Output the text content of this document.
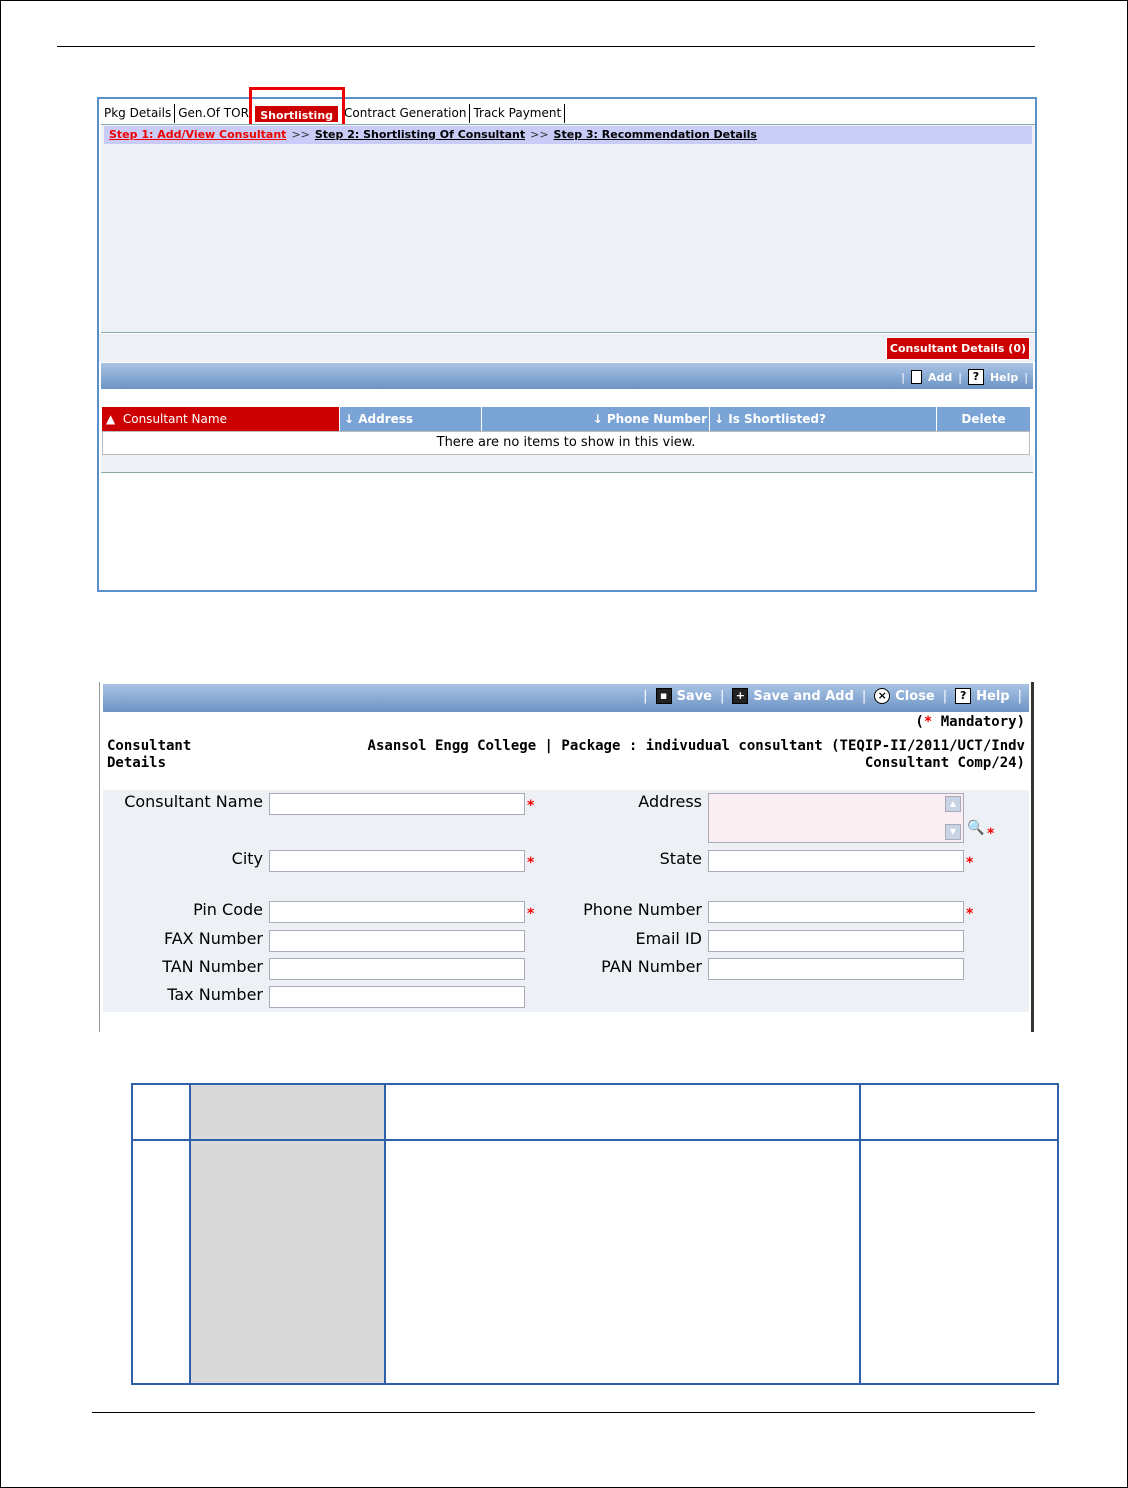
Pkg Details Gen.Of TOR	Shortlisting Contract Generation Track Payment
Step 1: Add/View Consultant >> Step 2: Shortlisting Of Consultant >> Step 3: Recommendation Details
Consultant Details (0)
|
Add | ? Help |
▲  Consultant Name	↓ Address	↓ Phone Number ↓ Is Shortlisted?	Delete
There are no items to show in this view.
|	▪ Save |	+ Save and Add |	× Close |	? Help |
(* Mandatory)
Consultant
Details
Asansol Engg College | Package : indivudual consultant (TEQIP-II/2011/UCT/Indv
Consultant Comp/24)
Consultant Name	*	Address	▲
▼ 🔍 *
City	*	State	*
Pin Code	*	Phone Number	*
FAX Number	Email ID
TAN Number	PAN Number
Tax Number
